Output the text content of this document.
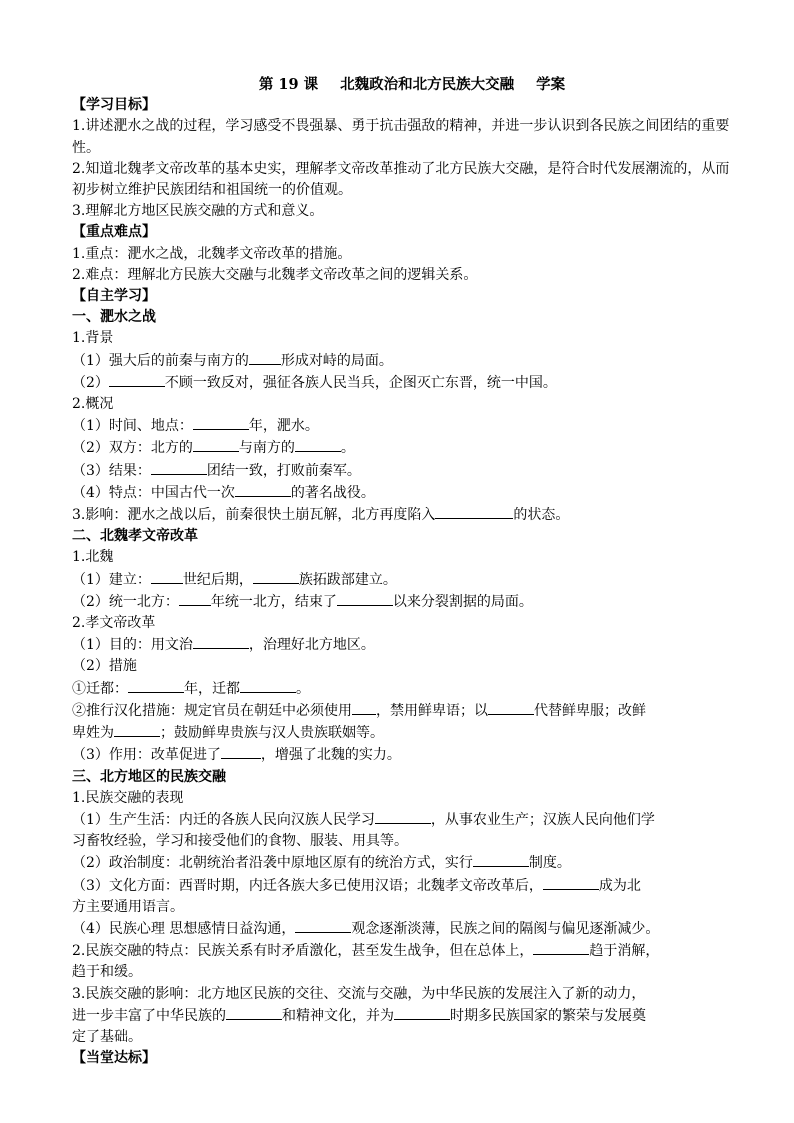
第 19 课 北魏政治和北方民族大交融 学案
【学习目标】
1.讲述淝水之战的过程，学习感受不畏强暴、勇于抗击强敌的精神，并进一步认识到各民族之间团结的重要性。
2.知道北魏孝文帝改革的基本史实，理解孝文帝改革推动了北方民族大交融，是符合时代发展潮流的，从而初步树立维护民族团结和祖国统一的价值观。
3.理解北方地区民族交融的方式和意义。
【重点难点】
1.重点：淝水之战，北魏孝文帝改革的措施。
2.难点：理解北方民族大交融与北魏孝文帝改革之间的逻辑关系。
【自主学习】
一、淝水之战
1.背景
（1）强大后的前秦与南方的 形成对峙的局面。
（2）	不顾一致反对，强征各族人民当兵，企图灭亡东晋，统一中国。
2.概况
（1）时间、地点：	年，淝水。
（2）双方：北方的	与南方的	。
（3）结果：	团结一致，打败前秦军。
（4）特点：中国古代一次	的著名战役。
3.影响：淝水之战以后，前秦很快土崩瓦解，北方再度陷入	的状态。
二、北魏孝文帝改革
1.北魏
（1）建立： 世纪后期，	族拓跋部建立。
（2）统一北方： 年统一北方，结束了	以来分裂割据的局面。
2.孝文帝改革
（1）目的：用文治	，治理好北方地区。
（2）措施
①迁都：	年，迁都	。
②推行汉化措施：规定官员在朝廷中必须使用 ，禁用鲜卑语；以	代替鲜卑服；改鲜
卑姓为	；鼓励鲜卑贵族与汉人贵族联姻等。
（3）作用：改革促进了	，增强了北魏的实力。
三、北方地区的民族交融
1.民族交融的表现
（1）生产生活：内迁的各族人民向汉族人民学习	，从事农业生产；汉族人民向他们学
习畜牧经验，学习和接受他们的食物、服装、用具等。
（2）政治制度：北朝统治者沿袭中原地区原有的统治方式，实行	制度。
（3）文化方面：西晋时期，内迁各族大多已使用汉语；北魏孝文帝改革后，	成为北
方主要通用语言。
（4）民族心理 思想感情日益沟通，	观念逐渐淡薄，民族之间的隔阂与偏见逐渐减少。
2.民族交融的特点：民族关系有时矛盾激化，甚至发生战争，但在总体上，	趋于消解，
趋于和缓。
3.民族交融的影响：北方地区民族的交往、交流与交融，为中华民族的发展注入了新的动力，
进一步丰富了中华民族的	和精神文化，并为	时期多民族国家的繁荣与发展奠
定了基础。
【当堂达标】
